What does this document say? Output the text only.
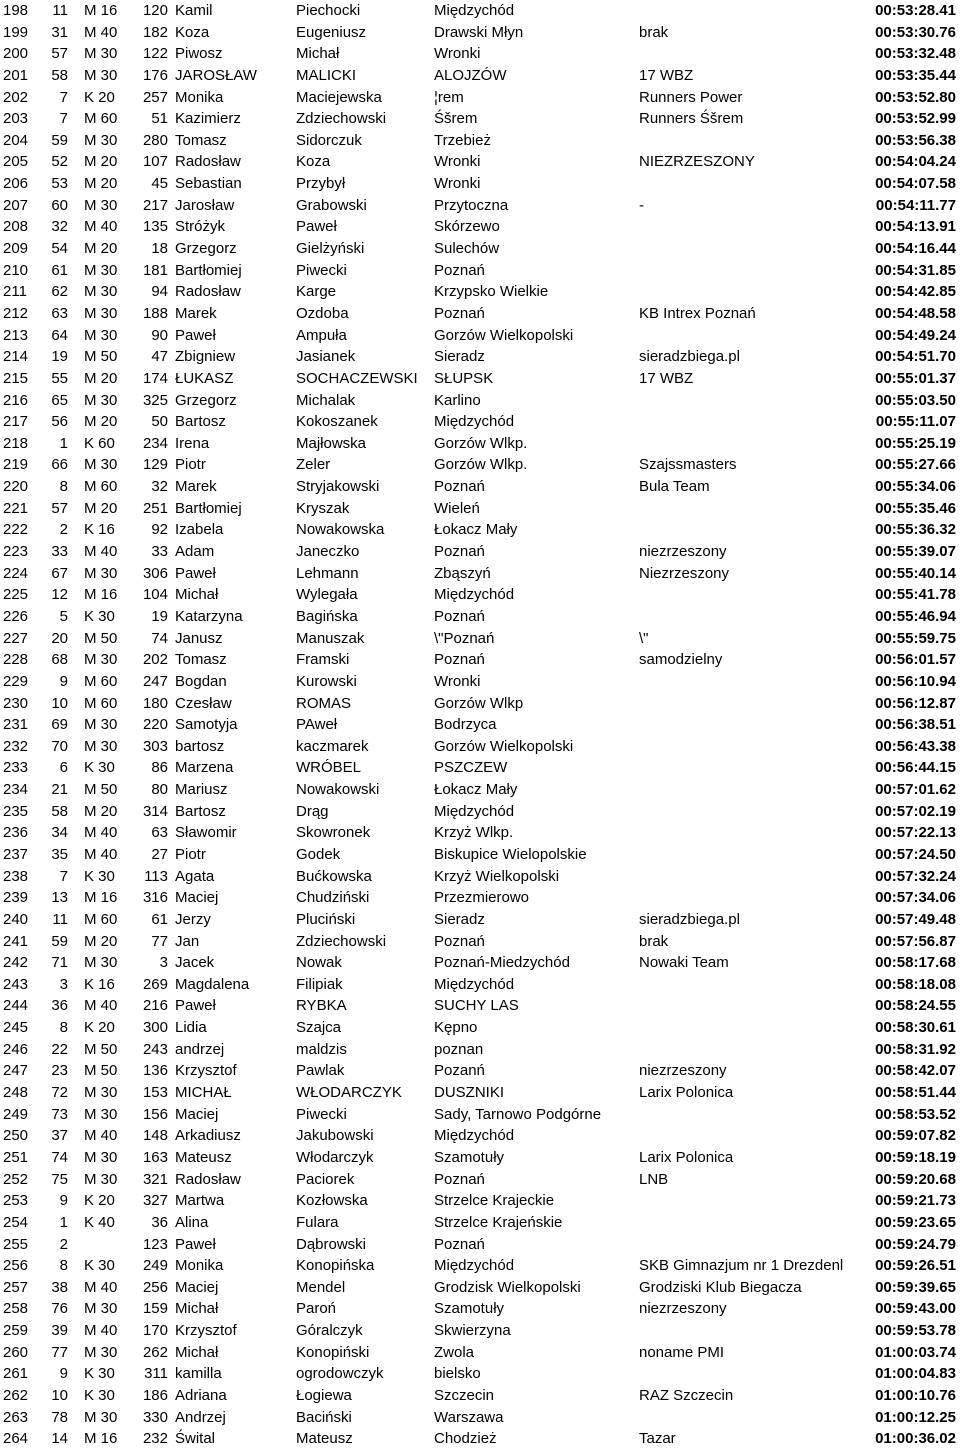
198	11 M 16	120 Kamil	Piechocki	Międzychód	00:53:28.41
199	31 M 40	182 Koza	Eugeniusz	Drawski Młyn	brak	00:53:30.76
200	57 M 30	122 Piwosz	Michał	Wronki	00:53:32.48
201	58 M 30	176 JAROSŁAW	MALICKI	ALOJZÓW	17 WBZ	00:53:35.44
202	7 K 20	257 Monika	Maciejewska	¦rem	Runners Power	00:53:52.80
203	7 M 60	51 Kazimierz	Zdziechowski	Śšrem	Runners Śšrem	00:53:52.99
204	59 M 30	280 Tomasz	Sidorczuk	Trzebież	00:53:56.38
205	52 M 20	107 Radosław	Koza	Wronki	NIEZRZESZONY	00:54:04.24
206	53 M 20	45 Sebastian	Przybył	Wronki	00:54:07.58
207	60 M 30	217 Jarosław	Grabowski	Przytoczna	-	00:54:11.77
208	32 M 40	135 Stróżyk	Paweł	Skórzewo	00:54:13.91
209	54 M 20	18 Grzegorz	Gielżyński	Sulechów	00:54:16.44
210	61 M 30	181 Bartłomiej	Piwecki	Poznań	00:54:31.85
211	62 M 30	94 Radosław	Karge	Krzypsko Wielkie	00:54:42.85
212	63 M 30	188 Marek	Ozdoba	Poznań	KB Intrex Poznań	00:54:48.58
213	64 M 30	90 Paweł	Ampuła	Gorzów Wielkopolski	00:54:49.24
214	19 M 50	47 Zbigniew	Jasianek	Sieradz	sieradzbiega.pl	00:54:51.70
215	55 M 20	174 ŁUKASZ	SOCHACZEWSKI	SŁUPSK	17 WBZ	00:55:01.37
216	65 M 30	325 Grzegorz	Michalak	Karlino	00:55:03.50
217	56 M 20	50 Bartosz	Kokoszanek	Międzychód	00:55:11.07
218	1 K 60	234 Irena	Majłowska	Gorzów Wlkp.	00:55:25.19
219	66 M 30	129 Piotr	Zeler	Gorzów Wlkp.	Szajssmasters	00:55:27.66
220	8 M 60	32 Marek	Stryjakowski	Poznań	Bula Team	00:55:34.06
221	57 M 20	251 Bartłomiej	Kryszak	Wieleń	00:55:35.46
222	2 K 16	92 Izabela	Nowakowska	Łokacz Mały	00:55:36.32
223	33 M 40	33 Adam	Janeczko	Poznań	niezrzeszony	00:55:39.07
224	67 M 30	306 Paweł	Lehmann	Zbąszyń	Niezrzeszony	00:55:40.14
225	12 M 16	104 Michał	Wylegała	Międzychód	00:55:41.78
226	5 K 30	19 Katarzyna	Bagińska	Poznań	00:55:46.94
227	20 M 50	74 Janusz	Manuszak	\"Poznań	\"	00:55:59.75
228	68 M 30	202 Tomasz	Framski	Poznań	samodzielny	00:56:01.57
229	9 M 60	247 Bogdan	Kurowski	Wronki	00:56:10.94
230	10 M 60	180 Czesław	ROMAS	Gorzów Wlkp	00:56:12.87
231	69 M 30	220 Samotyja	PAweł	Bodrzyca	00:56:38.51
232	70 M 30	303 bartosz	kaczmarek	Gorzów Wielkopolski	00:56:43.38
233	6 K 30	86 Marzena	WRÓBEL	PSZCZEW	00:56:44.15
234	21 M 50	80 Mariusz	Nowakowski	Łokacz Mały	00:57:01.62
235	58 M 20	314 Bartosz	Drąg	Międzychód	00:57:02.19
236	34 M 40	63 Sławomir	Skowronek	Krzyż Wlkp.	00:57:22.13
237	35 M 40	27 Piotr	Godek	Biskupice Wielopolskie	00:57:24.50
238	7 K 30	113 Agata	Bućkowska	Krzyż Wielkopolski	00:57:32.24
239	13 M 16	316 Maciej	Chudziński	Przezmierowo	00:57:34.06
240	11 M 60	61 Jerzy	Pluciński	Sieradz	sieradzbiega.pl	00:57:49.48
241	59 M 20	77 Jan	Zdziechowski	Poznań	brak	00:57:56.87
242	71 M 30	3 Jacek	Nowak	Poznań-Miedzychód	Nowaki Team	00:58:17.68
243	3 K 16	269 Magdalena	Filipiak	Międzychód	00:58:18.08
244	36 M 40	216 Paweł	RYBKA	SUCHY LAS	00:58:24.55
245	8 K 20	300 Lidia	Szajca	Kępno	00:58:30.61
246	22 M 50	243 andrzej	maldzis	poznan	00:58:31.92
247	23 M 50	136 Krzysztof	Pawlak	Pozanń	niezrzeszony	00:58:42.07
248	72 M 30	153 MICHAŁ	WŁODARCZYK	DUSZNIKI	Larix Polonica	00:58:51.44
249	73 M 30	156 Maciej	Piwecki	Sady, Tarnowo Podgórne	00:58:53.52
250	37 M 40	148 Arkadiusz	Jakubowski	Międzychód	00:59:07.82
251	74 M 30	163 Mateusz	Włodarczyk	Szamotuły	Larix Polonica	00:59:18.19
252	75 M 30	321 Radosław	Paciorek	Poznań	LNB	00:59:20.68
253	9 K 20	327 Martwa	Kozłowska	Strzelce Krajeckie	00:59:21.73
254	1 K 40	36 Alina	Fulara	Strzelce Krajeńskie	00:59:23.65
255	2	123 Paweł	Dąbrowski	Poznań	00:59:24.79
256	8 K 30	249 Monika	Konopińska	Międzychód	SKB Gimnazjum nr 1 Drezdenl	00:59:26.51
257	38 M 40	256 Maciej	Mendel	Grodzisk Wielkopolski	Grodziski Klub Biegacza	00:59:39.65
258	76 M 30	159 Michał	Paroń	Szamotuły	niezrzeszony	00:59:43.00
259	39 M 40	170 Krzysztof	Góralczyk	Skwierzyna	00:59:53.78
260	77 M 30	262 Michał	Konopiński	Zwola	noname PMI	01:00:03.74
261	9 K 30	311 kamilla	ogrodowczyk	bielsko	01:00:04.83
262	10 K 30	186 Adriana	Łogiewa	Szczecin	RAZ Szczecin	01:00:10.76
263	78 M 30	330 Andrzej	Baciński	Warszawa	01:00:12.25
264	14 M 16	232 Śwital	Mateusz	Chodzież	Tazar	01:00:36.02
